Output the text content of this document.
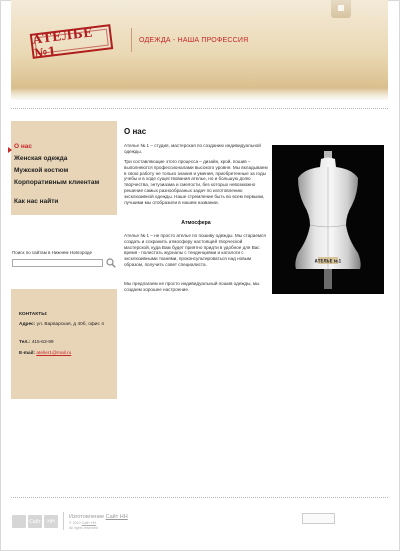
АТЕЛЬЕ №1
ОДЕЖДА - НАША ПРОФЕССИЯ
О нас
Женская одежда
Мужской костюм
Корпоративным клиентам
Как нас найти
Поиск по сайтам в Нижнем Новгороде
КОНТАКТЫ:
Адрес: ул. Варварская, д 40б, офис 4
Тел.: 415-63-99
E-mail: atelier1@mail.ru
О нас
Ателье № 1 – студия, мастерская по созданию индивидуальной одежды.
Три составляющие этого процесса – дизайн, крой, пошив – выполняются профессионалами высокого уровня. Мы вкладываем в свою работу не только знания и умения, приобретенные за годы учебы и в ходе существования ателье, но и большую долю творчества, энтузиазма и смелости, без которых невозможно решение самых разнообразных задач по изготовлению эксклюзивной одежды. Наше стремление быть во всем первыми, лучшими мы отобразили в нашем названии.
Атмосфера
Ателье № 1 – не просто ателье по пошиву одежды. Мы стараемся создать и сохранить атмосферу настоящей творческой мастерской, куда Вам будет приятно придти в удобное для Вас время - полистать журналы с тенденциями и каталоги с эксклюзивными тканями, проконсультироваться над новым образом, получить совет специалиста.
Мы предлагаем не просто индивидуальный пошив одежды, мы создаем хорошее настроение.
АТЕЛЬЕ №1
Сайт	НН
Изготовление Сайт НН
© 2010 Сайт НН
All rights reserved
